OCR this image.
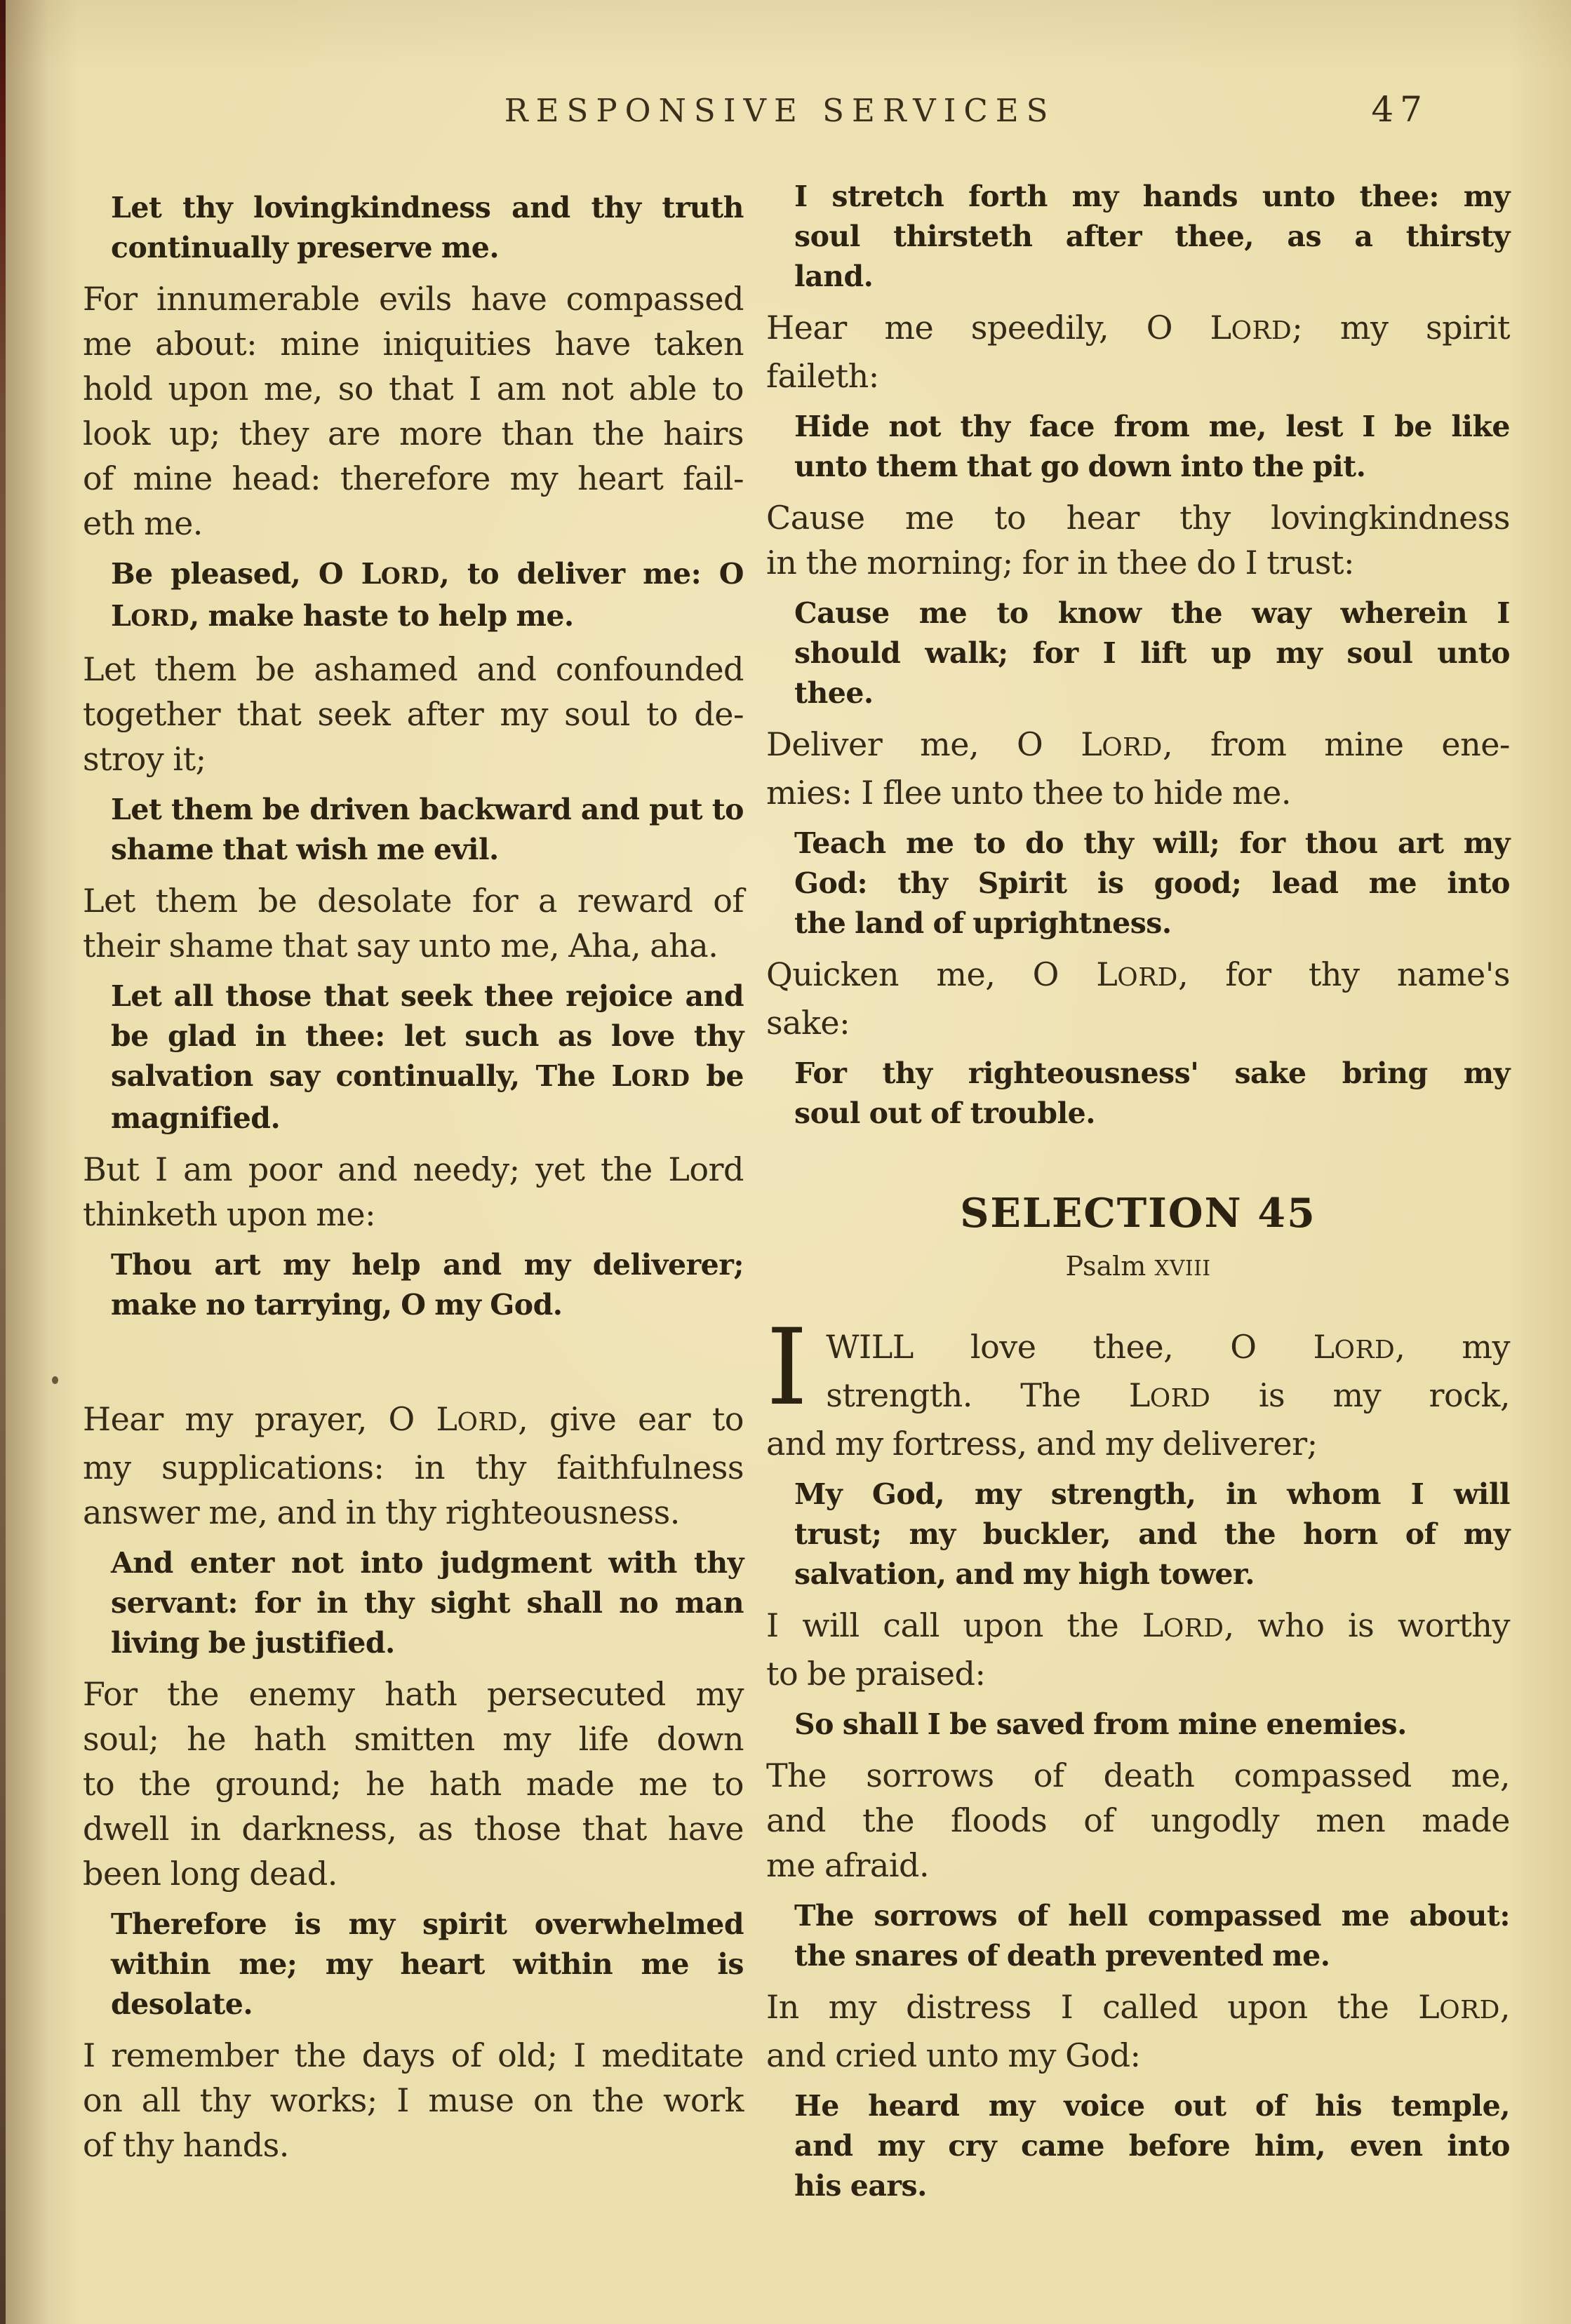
RESPONSIVE SERVICES	47
Let thy lovingkindness and thy truth
continually preserve me.
For innumerable evils have compassed
me about: mine iniquities have taken
hold upon me, so that I am not able to
look up; they are more than the hairs
of mine head: therefore my heart fail-
eth me.
Be pleased, O LORD, to deliver me: O
LORD, make haste to help me.
Let them be ashamed and confounded
together that seek after my soul to de-
stroy it;
Let them be driven backward and put to
shame that wish me evil.
Let them be desolate for a reward of
their shame that say unto me, Aha, aha.
Let all those that seek thee rejoice and
be glad in thee: let such as love thy
salvation say continually, The LORD be
magnified.
But I am poor and needy; yet the Lord
thinketh upon me:
Thou art my help and my deliverer;
make no tarrying, O my God.
Hear my prayer, O LORD, give ear to
my supplications: in thy faithfulness
answer me, and in thy righteousness.
And enter not into judgment with thy
servant: for in thy sight shall no man
living be justified.
For the enemy hath persecuted my
soul; he hath smitten my life down
to the ground; he hath made me to
dwell in darkness, as those that have
been long dead.
Therefore is my spirit overwhelmed
within me; my heart within me is
desolate.
I remember the days of old; I meditate
on all thy works; I muse on the work
of thy hands.
I stretch forth my hands unto thee: my
soul thirsteth after thee, as a thirsty
land.
Hear me speedily, O LORD; my spirit
faileth:
Hide not thy face from me, lest I be like
unto them that go down into the pit.
Cause me to hear thy lovingkindness
in the morning; for in thee do I trust:
Cause me to know the way wherein I
should walk; for I lift up my soul unto
thee.
Deliver me, O LORD, from mine ene-
mies: I flee unto thee to hide me.
Teach me to do thy will; for thou art my
God: thy Spirit is good; lead me into
the land of uprightness.
Quicken me, O LORD, for thy name's
sake:
For thy righteousness' sake bring my
soul out of trouble.
SELECTION 45
Psalm XVIII
I WILL love thee, O LORD, my
strength. The LORD is my rock,
and my fortress, and my deliverer;
My God, my strength, in whom I will
trust; my buckler, and the horn of my
salvation, and my high tower.
I will call upon the LORD, who is worthy
to be praised:
So shall I be saved from mine enemies.
The sorrows of death compassed me,
and the floods of ungodly men made
me afraid.
The sorrows of hell compassed me about:
the snares of death prevented me.
In my distress I called upon the LORD,
and cried unto my God:
He heard my voice out of his temple,
and my cry came before him, even into
his ears.
